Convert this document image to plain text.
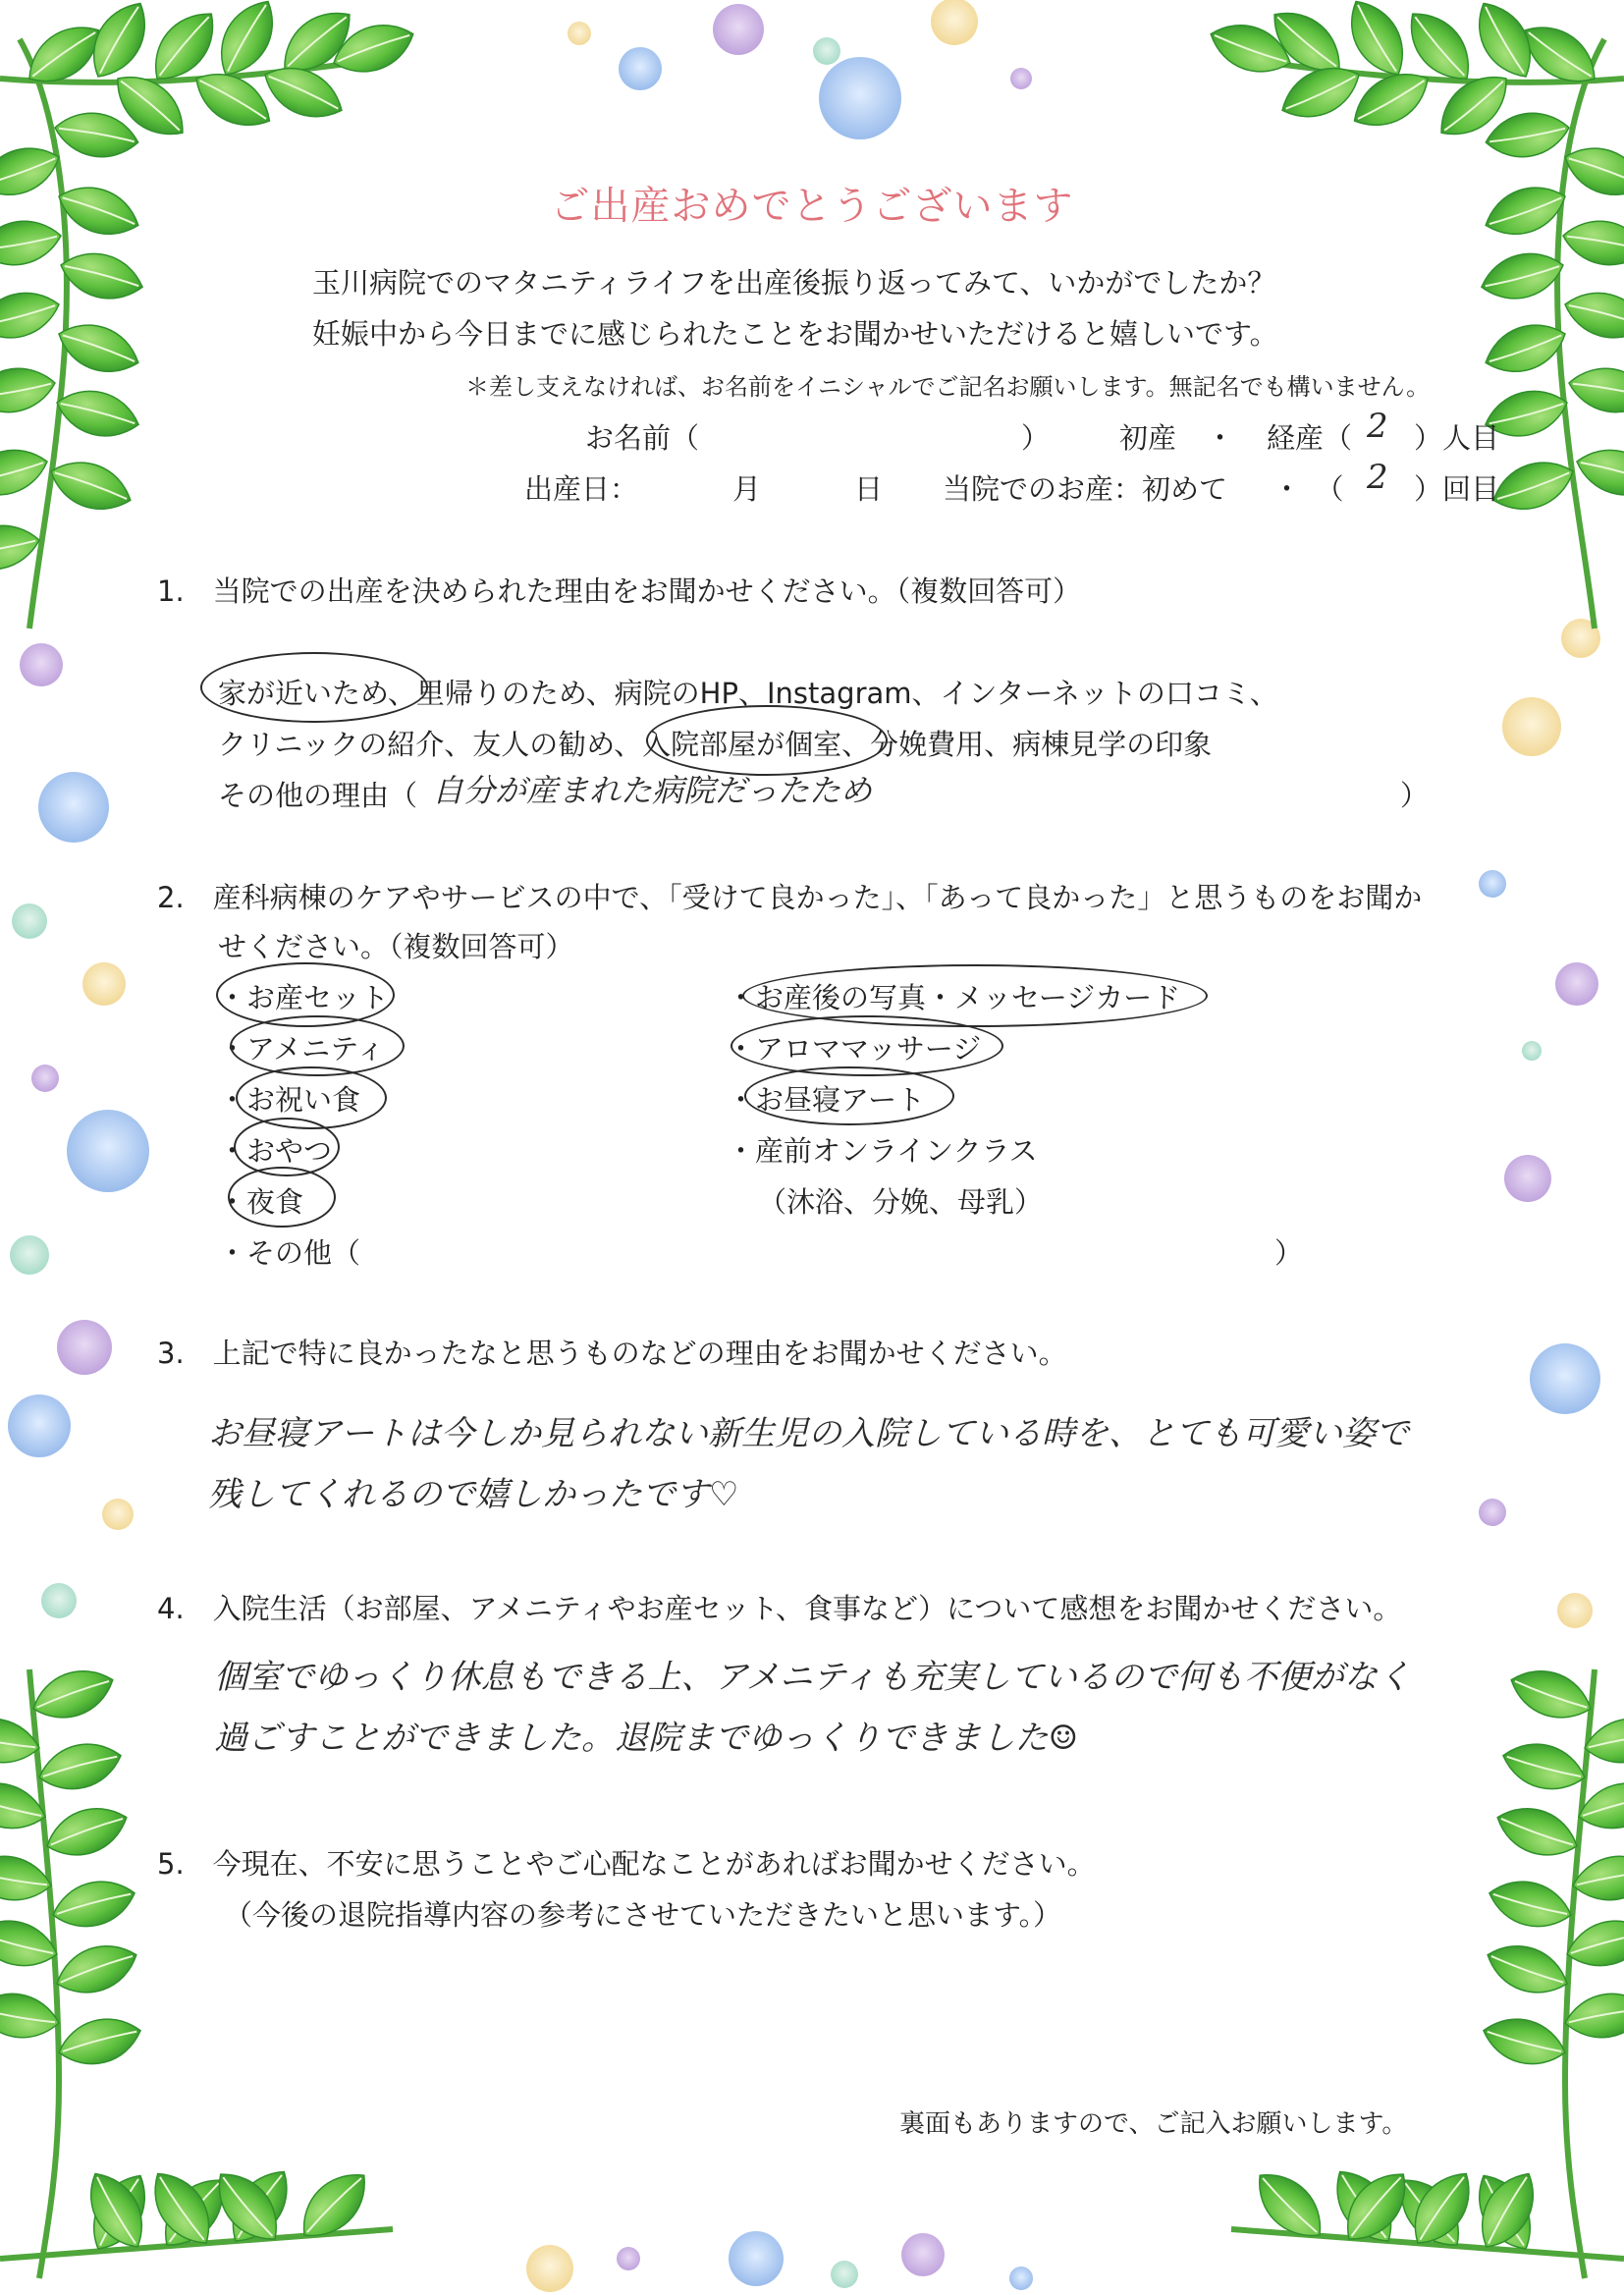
ご出産おめでとうございます
玉川病院でのマタニティライフを出産後振り返ってみて、いかがでしたか？
妊娠中から今日までに感じられたことをお聞かせいただけると嬉しいです。
＊差し支えなければ、お名前をイニシャルでご記名お願いします。無記名でも構いません。
お名前（	） 初産 ・ 経産（ 2 ）人目
出産日：	月	日 当院でのお産：初めて ・　（ 2 ）回目
1.　当院での出産を決められた理由をお聞かせください。（複数回答可）
家が近いため、里帰りのため、病院のHP、Instagram、インターネットの口コミ、
クリニックの紹介、友人の勧め、入院部屋が個室、分娩費用、病棟見学の印象
その他の理由（ 自分が産まれた病院だったため	）
2.　産科病棟のケアやサービスの中で、「受けて良かった」、「あって良かった」と思うものをお聞か
せください。（複数回答可）
・お産セット
・アメニティ
・お祝い食
・おやつ
・夜食
・その他（	）
・お産後の写真・メッセージカード
・アロママッサージ
・お昼寝アート
・産前オンラインクラス
（沐浴、分娩、母乳）
3.　上記で特に良かったなと思うものなどの理由をお聞かせください。
お昼寝アートは今しか見られない新生児の入院している時を、とても可愛い姿で
残してくれるので嬉しかったです♡
4.　入院生活（お部屋、アメニティやお産セット、食事など）について感想をお聞かせください。
個室でゆっくり休息もできる上、アメニティも充実しているので何も不便がなく
過ごすことができました。退院までゆっくりできました☺
5.　今現在、不安に思うことやご心配なことがあればお聞かせください。
（今後の退院指導内容の参考にさせていただきたいと思います。）
裏面もありますので、ご記入お願いします。
